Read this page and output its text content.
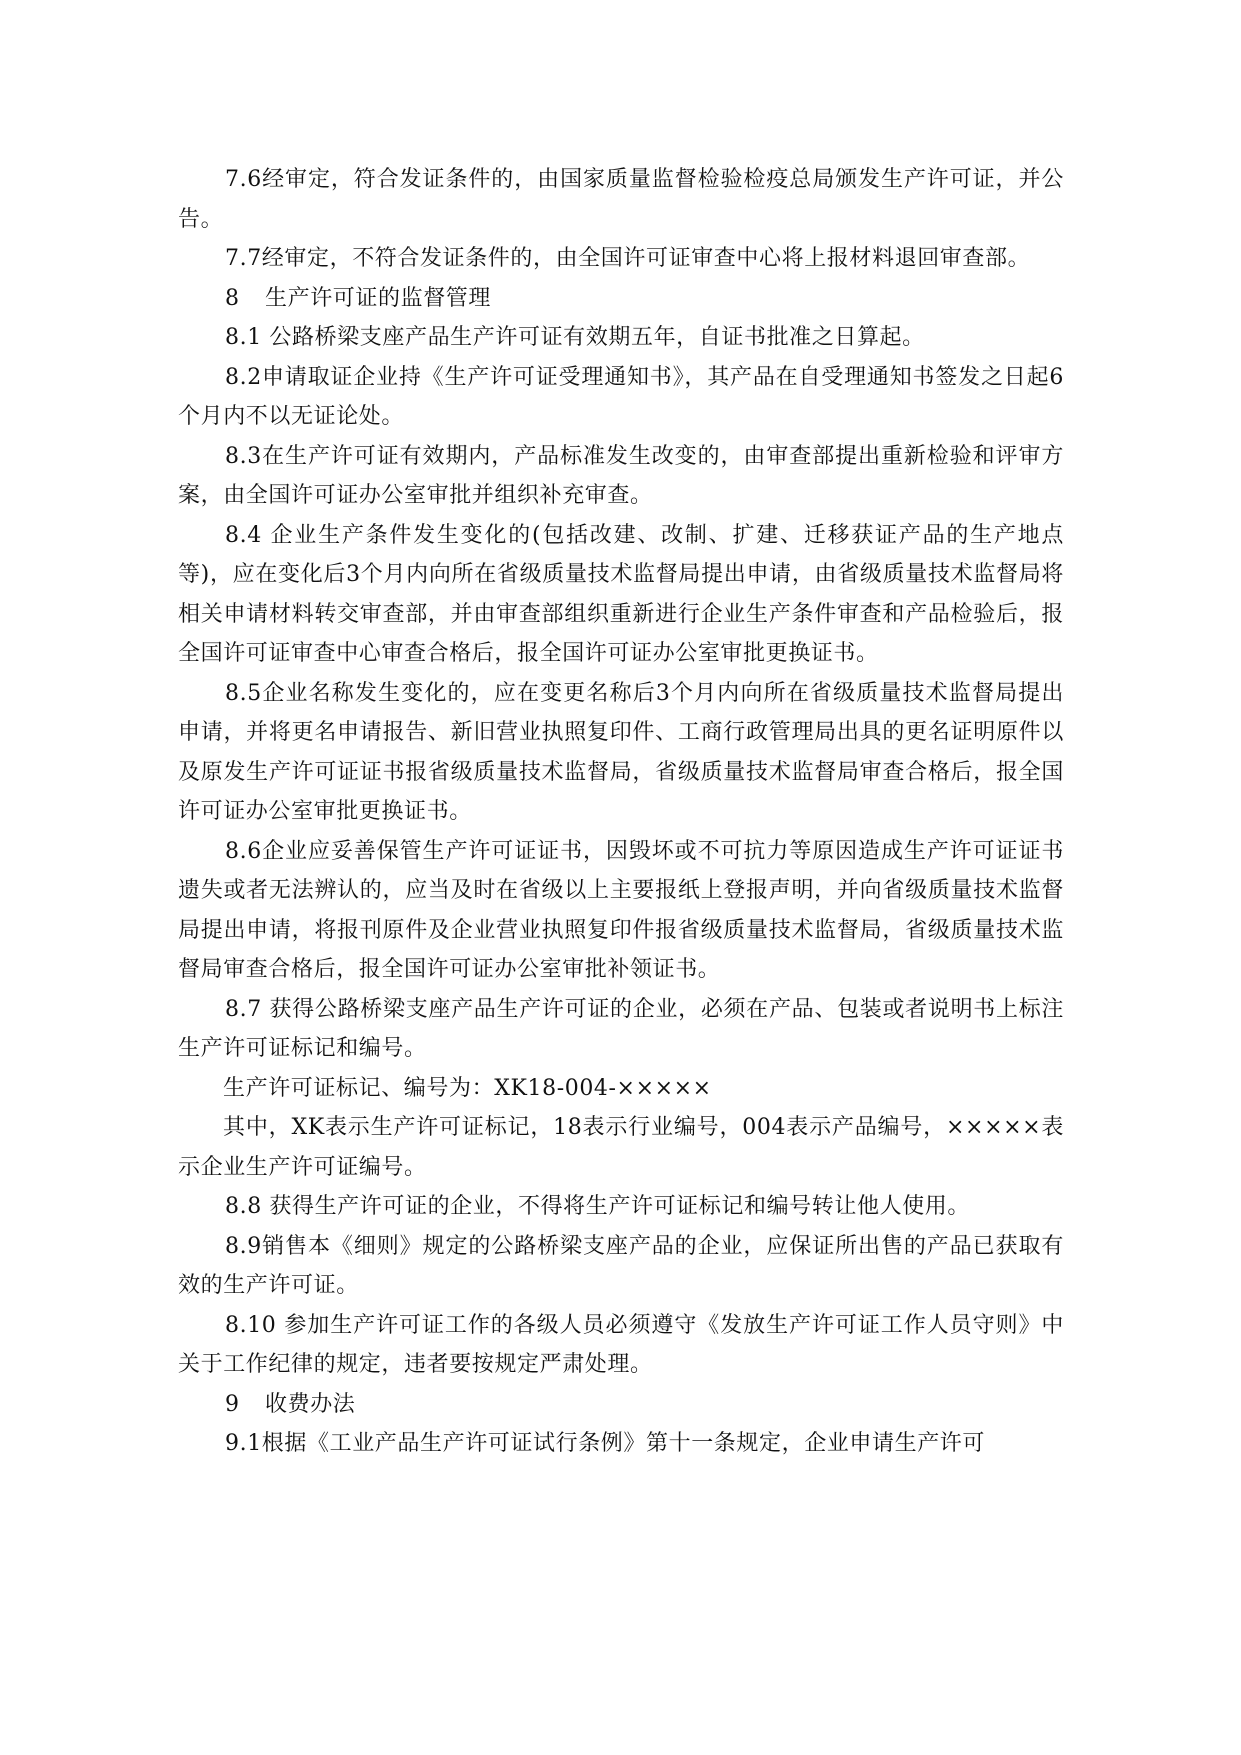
7.6经审定，符合发证条件的，由国家质量监督检验检疫总局颁发生产许可证，并公告。

7.7经审定，不符合发证条件的，由全国许可证审查中心将上报材料退回审查部。

8 生产许可证的监督管理

8.1 公路桥梁支座产品生产许可证有效期五年，自证书批准之日算起。

8.2申请取证企业持《生产许可证受理通知书》，其产品在自受理通知书签发之日起6个月内不以无证论处。

8.3在生产许可证有效期内，产品标准发生改变的，由审查部提出重新检验和评审方案，由全国许可证办公室审批并组织补充审查。

8.4 企业生产条件发生变化的(包括改建、改制、扩建、迁移获证产品的生产地点等)，应在变化后3个月内向所在省级质量技术监督局提出申请，由省级质量技术监督局将相关申请材料转交审查部，并由审查部组织重新进行企业生产条件审查和产品检验后，报全国许可证审查中心审查合格后，报全国许可证办公室审批更换证书。

8.5企业名称发生变化的，应在变更名称后3个月内向所在省级质量技术监督局提出申请，并将更名申请报告、新旧营业执照复印件、工商行政管理局出具的更名证明原件以及原发生产许可证证书报省级质量技术监督局，省级质量技术监督局审查合格后，报全国许可证办公室审批更换证书。

8.6企业应妥善保管生产许可证证书，因毁坏或不可抗力等原因造成生产许可证证书遗失或者无法辨认的，应当及时在省级以上主要报纸上登报声明，并向省级质量技术监督局提出申请，将报刊原件及企业营业执照复印件报省级质量技术监督局，省级质量技术监督局审查合格后，报全国许可证办公室审批补领证书。

8.7 获得公路桥梁支座产品生产许可证的企业，必须在产品、包装或者说明书上标注生产许可证标记和编号。

生产许可证标记、编号为：XK18-004-×××××

其中，XK表示生产许可证标记，18表示行业编号，004表示产品编号，×××××表示企业生产许可证编号。

8.8 获得生产许可证的企业，不得将生产许可证标记和编号转让他人使用。

8.9销售本《细则》规定的公路桥梁支座产品的企业，应保证所出售的产品已获取有效的生产许可证。

8.10 参加生产许可证工作的各级人员必须遵守《发放生产许可证工作人员守则》中关于工作纪律的规定，违者要按规定严肃处理。

9 收费办法

9.1根据《工业产品生产许可证试行条例》第十一条规定，企业申请生产许可
